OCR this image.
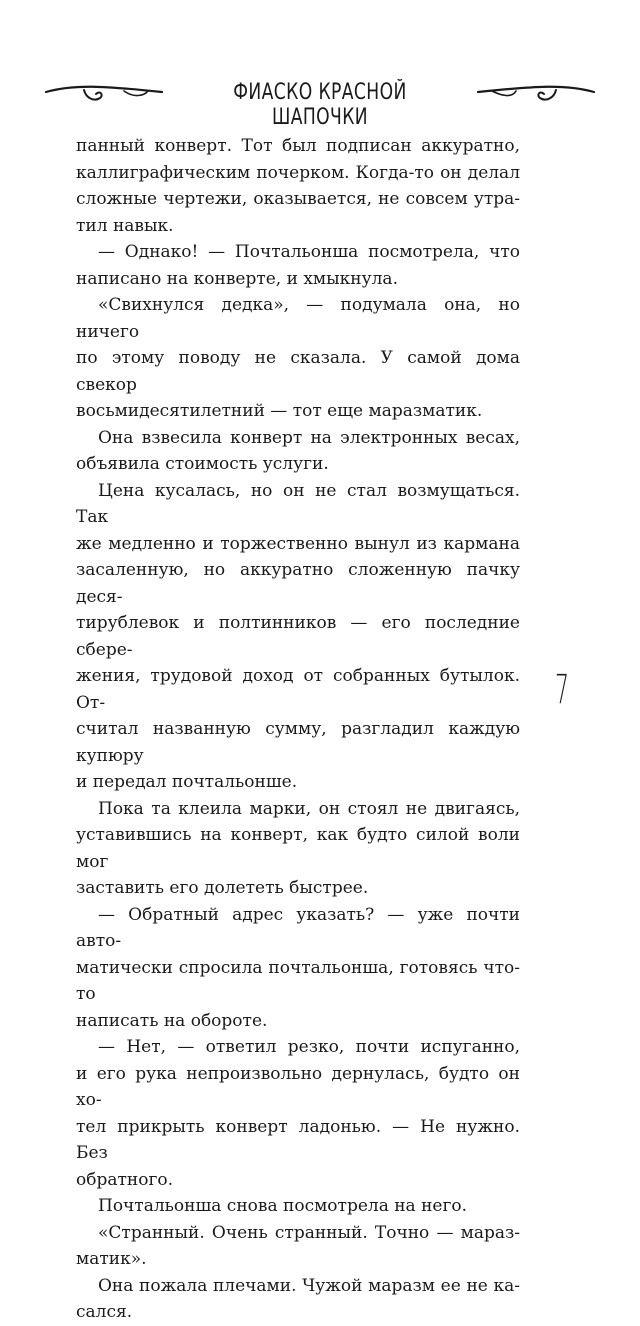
ФИАСКО КРАСНОЙ ШАПОЧКИ

панный конверт. Тот был подписан аккуратно,
каллиграфическим почерком. Когда-то он делал
сложные чертежи, оказывается, не совсем утра-
тил навык.

— Однако! — Почтальонша посмотрела, что
написано на конверте, и хмыкнула.

«Свихнулся дедка», — подумала она, но ничего
по этому поводу не сказала. У самой дома свекор
восьмидесятилетний — тот еще маразматик.

Она взвесила конверт на электронных весах,
объявила стоимость услуги.

Цена кусалась, но он не стал возмущаться. Так
же медленно и торжественно вынул из кармана
засаленную, но аккуратно сложенную пачку деся-
тирублевок и полтинников — его последние сбере-
жения, трудовой доход от собранных бутылок. От-
считал названную сумму, разгладил каждую купюру
и передал почтальонше.

Пока та клеила марки, он стоял не двигаясь,
уставившись на конверт, как будто силой воли мог
заставить его долететь быстрее.

— Обратный адрес указать? — уже почти авто-
матически спросила почтальонша, готовясь что-то
написать на обороте.

— Нет, — ответил резко, почти испуганно,
и его рука непроизвольно дернулась, будто он хо-
тел прикрыть конверт ладонью. — Не нужно. Без
обратного.

Почтальонша снова посмотрела на него.

«Странный. Очень странный. Точно — мараз-
матик».

Она пожала плечами. Чужой маразм ее не ка-
сался.

7
